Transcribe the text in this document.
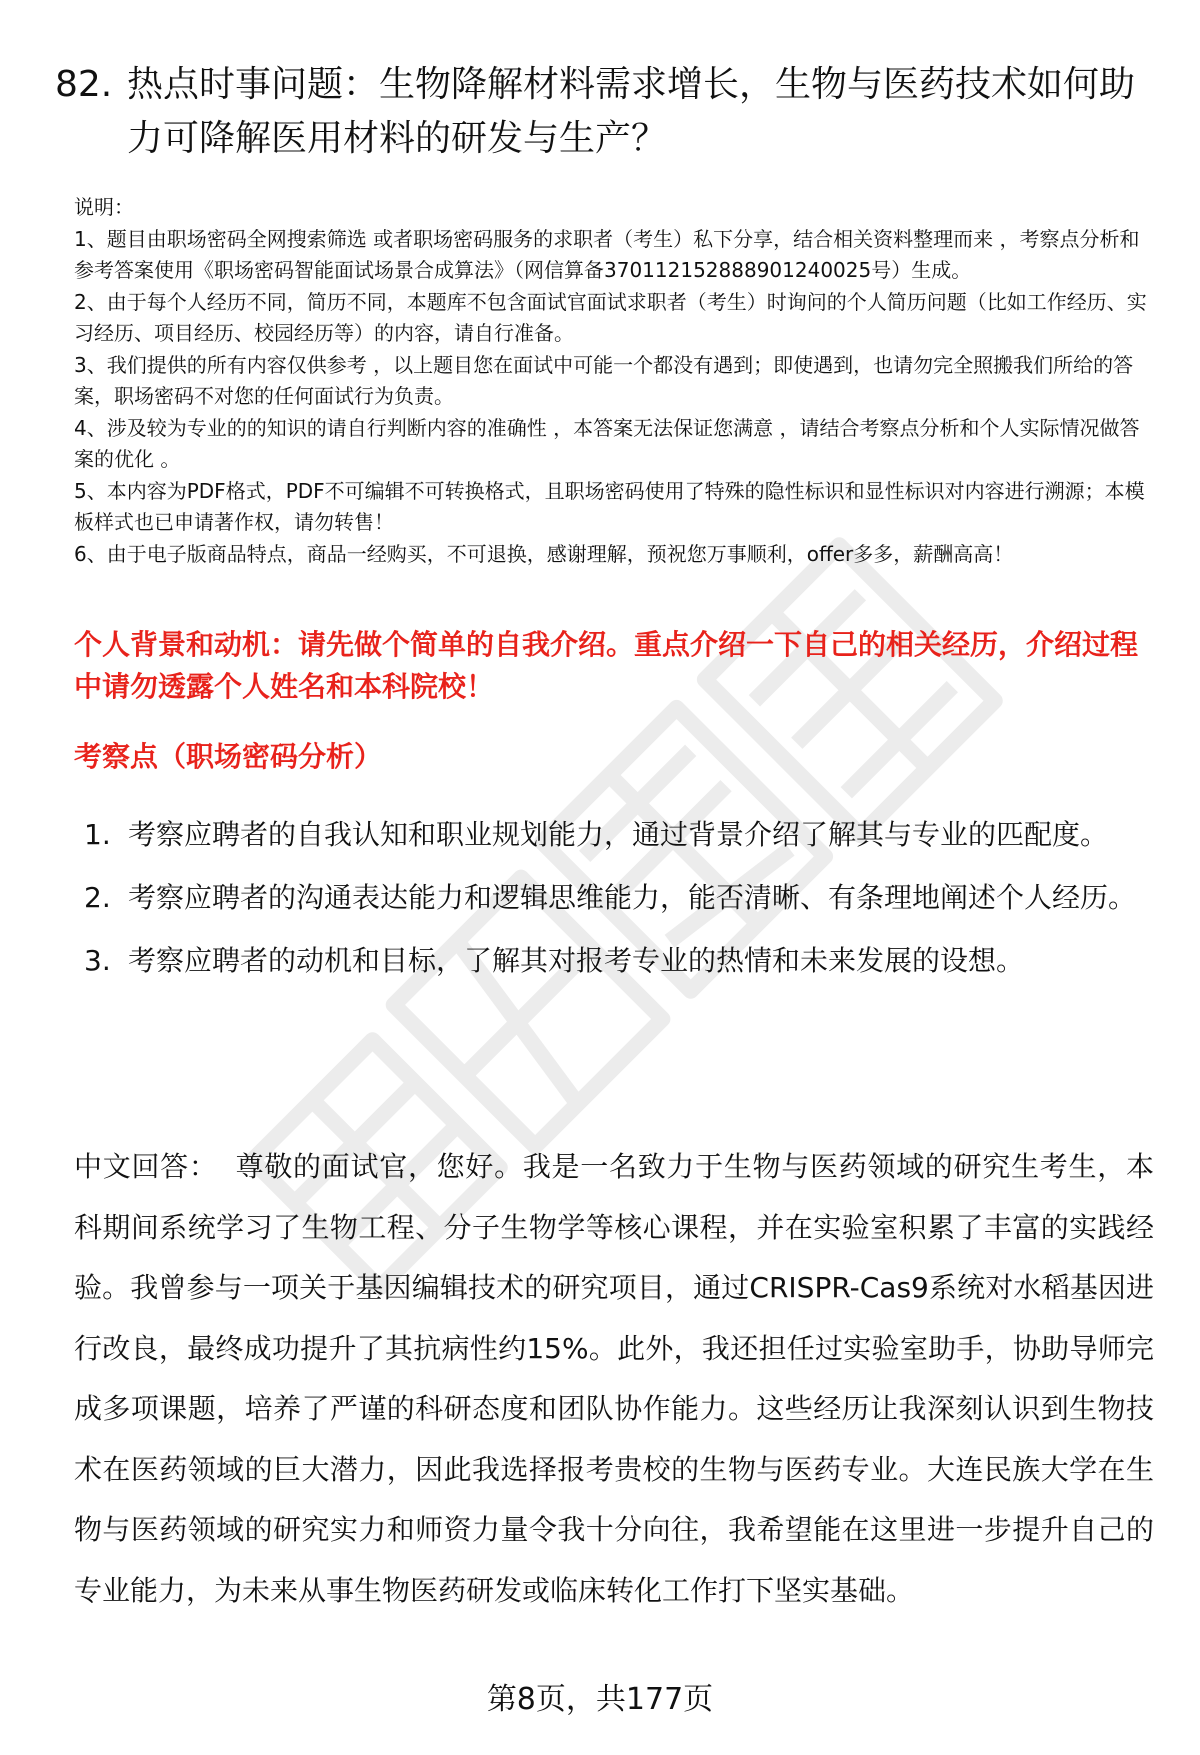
82. 热点时事问题：生物降解材料需求增长，生物与医药技术如何助
力可降解医用材料的研发与生产？

说明：

1、题目由职场密码全网搜索筛选 或者职场密码服务的求职者（考生）私下分享，结合相关资料整理而来 ，考察点分析和参考答案使用《职场密码智能面试场景合成算法》（网信算备370112152888901240025号）生成。

2、由于每个人经历不同，简历不同，本题库不包含面试官面试求职者（考生）时询问的个人简历问题（比如工作经历、实习经历、项目经历、校园经历等）的内容，请自行准备。

3、我们提供的所有内容仅供参考 ，以上题目您在面试中可能一个都没有遇到；即使遇到，也请勿完全照搬我们所给的答案，职场密码不对您的任何面试行为负责。

4、涉及较为专业的的知识的请自行判断内容的准确性 ，本答案无法保证您满意 ，请结合考察点分析和个人实际情况做答案的优化 。

5、本内容为PDF格式，PDF不可编辑不可转换格式，且职场密码使用了特殊的隐性标识和显性标识对内容进行溯源；本模板样式也已申请著作权，请勿转售！

6、由于电子版商品特点，商品一经购买，不可退换，感谢理解，预祝您万事顺利，offer多多，薪酬高高！

个人背景和动机：请先做个简单的自我介绍。重点介绍一下自己的相关经历，介绍过程中请勿透露个人姓名和本科院校！
考察点（职场密码分析）
1. 考察应聘者的自我认知和职业规划能力，通过背景介绍了解其与专业的匹配度。
2. 考察应聘者的沟通表达能力和逻辑思维能力，能否清晰、有条理地阐述个人经历。
3. 考察应聘者的动机和目标，了解其对报考专业的热情和未来发展的设想。
中文回答： 尊敬的面试官，您好。我是一名致力于生物与医药领域的研究生考生，本科期间系统学习了生物工程、分子生物学等核心课程，并在实验室积累了丰富的实践经验。我曾参与一项关于基因编辑技术的研究项目，通过CRISPR-Cas9系统对水稻基因进行改良，最终成功提升了其抗病性约15%。此外，我还担任过实验室助手，协助导师完成多项课题，培养了严谨的科研态度和团队协作能力。这些经历让我深刻认识到生物技术在医药领域的巨大潜力，因此我选择报考贵校的生物与医药专业。大连民族大学在生物与医药领域的研究实力和师资力量令我十分向往，我希望能在这里进一步提升自己的专业能力，为未来从事生物医药研发或临床转化工作打下坚实基础。
第8页，共177页
